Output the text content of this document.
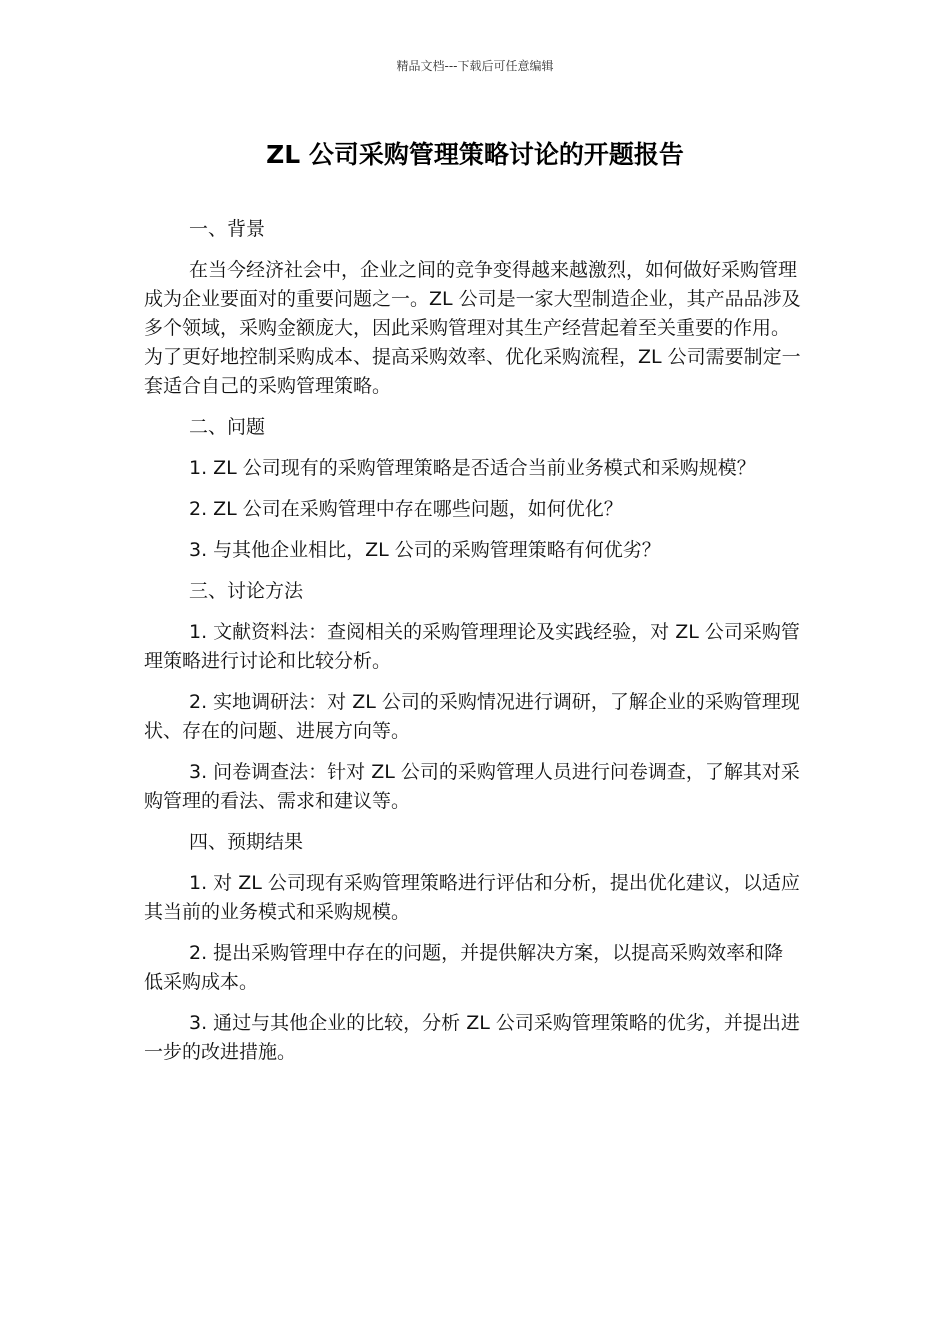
精品文档---下载后可任意编辑
ZL 公司采购管理策略讨论的开题报告

一、背景

在当今经济社会中，企业之间的竞争变得越来越激烈，如何做好采购管理成为企业要面对的重要问题之一。ZL 公司是一家大型制造企业，其产品品涉及多个领域，采购金额庞大，因此采购管理对其生产经营起着至关重要的作用。为了更好地控制采购成本、提高采购效率、优化采购流程，ZL 公司需要制定一套适合自己的采购管理策略。

二、问题

1. ZL 公司现有的采购管理策略是否适合当前业务模式和采购规模？

2. ZL 公司在采购管理中存在哪些问题，如何优化？

3. 与其他企业相比，ZL 公司的采购管理策略有何优劣？

三、讨论方法

1. 文献资料法：查阅相关的采购管理理论及实践经验，对 ZL 公司采购管理策略进行讨论和比较分析。

2. 实地调研法：对 ZL 公司的采购情况进行调研，了解企业的采购管理现状、存在的问题、进展方向等。

3. 问卷调查法：针对 ZL 公司的采购管理人员进行问卷调查，了解其对采购管理的看法、需求和建议等。

四、预期结果

1. 对 ZL 公司现有采购管理策略进行评估和分析，提出优化建议，以适应其当前的业务模式和采购规模。

2. 提出采购管理中存在的问题，并提供解决方案，以提高采购效率和降低采购成本。

3. 通过与其他企业的比较，分析 ZL 公司采购管理策略的优劣，并提出进一步的改进措施。
